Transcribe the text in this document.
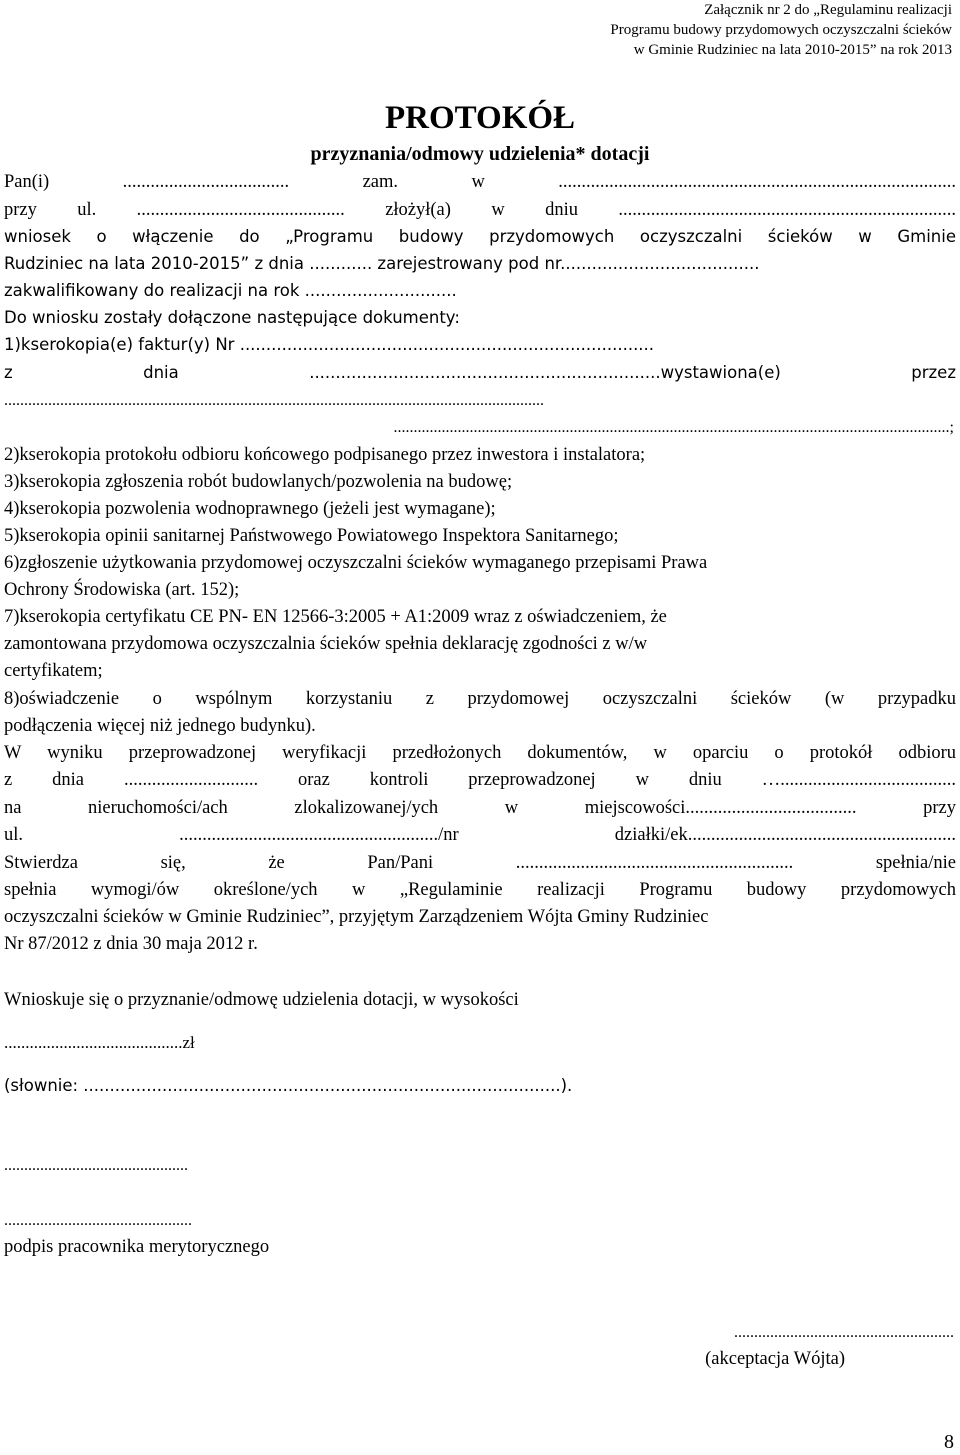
Załącznik nr 2 do „Regulaminu realizacji
Programu budowy przydomowych oczyszczalni ścieków
w Gminie Rudziniec na lata 2010-2015” na rok 2013
PROTOKÓŁ
przyznania/odmowy udzielenia* dotacji
Pan(i) .................................... zam. w ......................................................................................
przy ul. ............................................. złożył(a) w dniu .........................................................................
wniosek o włączenie do „Programu budowy przydomowych oczyszczalni ścieków w Gminie
Rudziniec na lata 2010-2015” z dnia ............ zarejestrowany pod nr......................................
zakwalifikowany do realizacji na rok .............................
Do wniosku zostały dołączone następujące dokumenty:
1)kserokopia(e) faktur(y) Nr ...............................................................................
z dnia ...................................................................wystawiona(e) przez
.......................................................................................................................................
...........................................................................................................................................;
2)kserokopia protokołu odbioru końcowego podpisanego przez inwestora i instalatora;
3)kserokopia zgłoszenia robót budowlanych/pozwolenia na budowę;
4)kserokopia pozwolenia wodnoprawnego (jeżeli jest wymagane);
5)kserokopia opinii sanitarnej Państwowego Powiatowego Inspektora Sanitarnego;
6)zgłoszenie użytkowania przydomowej oczyszczalni ścieków wymaganego przepisami Prawa
Ochrony Środowiska (art. 152);
7)kserokopia certyfikatu CE PN- EN 12566-3:2005 + A1:2009 wraz z oświadczeniem, że
zamontowana przydomowa oczyszczalnia ścieków spełnia deklarację zgodności z w/w
certyfikatem;
8)oświadczenie o wspólnym korzystaniu z przydomowej oczyszczalni ścieków (w przypadku
podłączenia więcej niż jednego budynku).
W wyniku przeprowadzonej weryfikacji przedłożonych dokumentów, w oparciu o protokół odbioru
z dnia ............................. oraz kontroli przeprowadzonej w dniu …......................................
na nieruchomości/ach zlokalizowanej/ych w miejscowości..................................... przy
ul. ......................................................../nr działki/ek..........................................................
Stwierdza się, że Pan/Pani ............................................................ spełnia/nie
spełnia wymogi/ów określone/ych w „Regulaminie realizacji Programu budowy przydomowych
oczyszczalni ścieków w Gminie Rudziniec”, przyjętym Zarządzeniem Wójta Gminy Rudziniec
Nr 87/2012 z dnia 30 maja 2012 r.
Wnioskuje się o przyznanie/odmowę udzielenia dotacji, w wysokości
..........................................zł
(słownie: ...........................................................................................).
..............................................
...............................................
podpis pracownika merytorycznego
.......................................................
(akceptacja Wójta)
8
